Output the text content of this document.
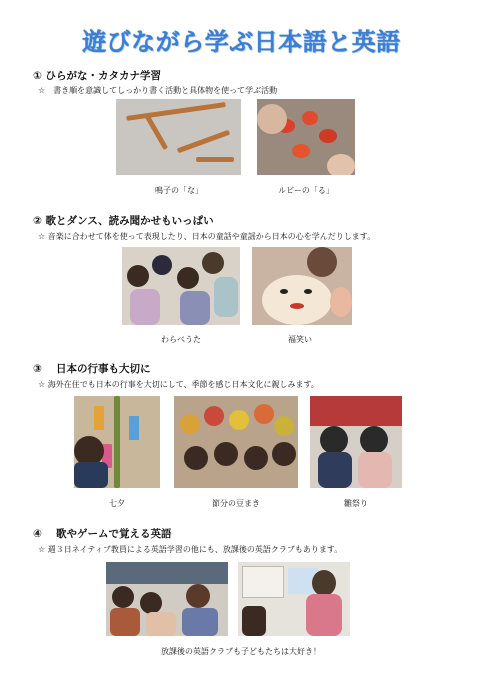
遊びながら学ぶ日本語と英語
① ひらがな・カタカナ学習
☆　書き順を意識してしっかり書く活動と具体物を使って学ぶ活動
鳴子の「な」	ルビーの「る」
② 歌とダンス、読み聞かせもいっぱい
☆ 音楽に合わせて体を使って表現したり、日本の童話や童謡から日本の心を学んだりします。
わらべうた	福笑い
③　 日本の行事も大切に
☆ 海外在住でも日本の行事を大切にして、季節を感じ日本文化に親しみます。
七夕	節分の豆まき	雛祭り
④　 歌やゲームで覚える英語
☆ 週３日ネイティブ教員による英語学習の他にも、放課後の英語クラブもあります。
放課後の英語クラブも子どもたちは大好き！
